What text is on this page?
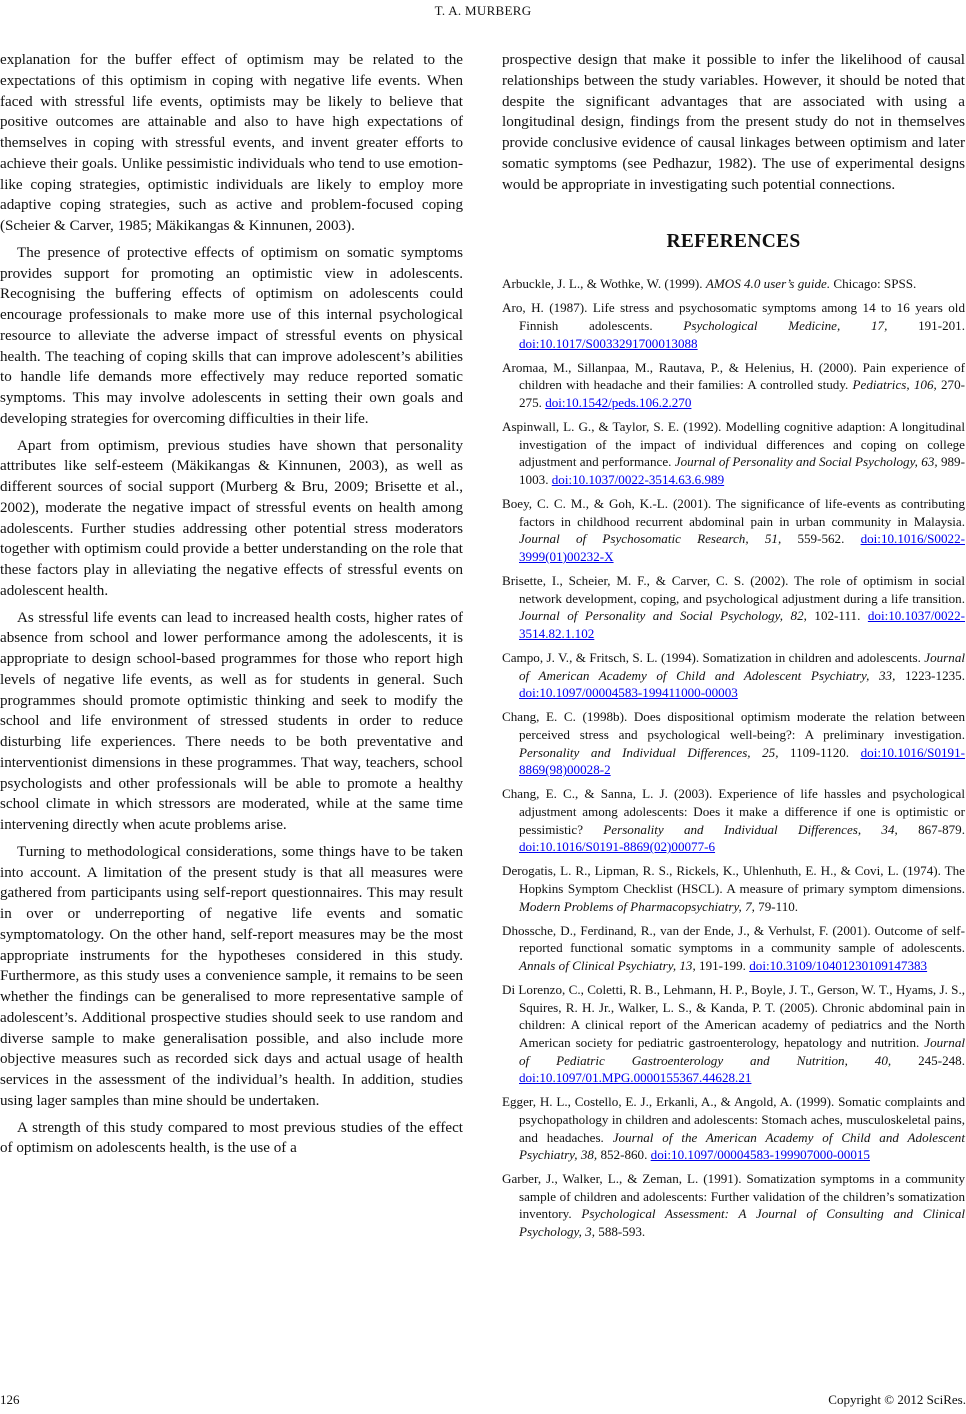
T. A. MURBERG

explanation for the buffer effect of optimism may be related to the expectations of this optimism in coping with negative life events. When faced with stressful life events, optimists may be likely to believe that positive outcomes are attainable and also to have high expectations of themselves in coping with stressful events, and invent greater efforts to achieve their goals. Unlike pessimistic individuals who tend to use emotion-like coping strategies, optimistic individuals are likely to employ more adaptive coping strategies, such as active and problem-focused coping (Scheier & Carver, 1985; Mäkikangas & Kinnunen, 2003).

The presence of protective effects of optimism on somatic symptoms provides support for promoting an optimistic view in adolescents. Recognising the buffering effects of optimism on adolescents could encourage professionals to make more use of this internal psychological resource to alleviate the adverse impact of stressful events on physical health. The teaching of coping skills that can improve adolescent’s abilities to handle life demands more effectively may reduce reported somatic symptoms. This may involve adolescents in setting their own goals and developing strategies for overcoming difficulties in their life.

Apart from optimism, previous studies have shown that personality attributes like self-esteem (Mäkikangas & Kinnunen, 2003), as well as different sources of social support (Murberg & Bru, 2009; Brisette et al., 2002), moderate the negative impact of stressful events on health among adolescents. Further studies addressing other potential stress moderators together with optimism could provide a better understanding on the role that these factors play in alleviating the negative effects of stressful events on adolescent health.

As stressful life events can lead to increased health costs, higher rates of absence from school and lower performance among the adolescents, it is appropriate to design school-based programmes for those who report high levels of negative life events, as well as for students in general. Such programmes should promote optimistic thinking and seek to modify the school and life environment of stressed students in order to reduce disturbing life experiences. There needs to be both preventative and interventionist dimensions in these programmes. That way, teachers, school psychologists and other professionals will be able to promote a healthy school climate in which stressors are moderated, while at the same time intervening directly when acute problems arise.

Turning to methodological considerations, some things have to be taken into account. A limitation of the present study is that all measures were gathered from participants using self-report questionnaires. This may result in over or underreporting of negative life events and somatic symptomatology. On the other hand, self-report measures may be the most appropriate instruments for the hypotheses considered in this study. Furthermore, as this study uses a convenience sample, it remains to be seen whether the findings can be generalised to more representative sample of adolescent’s. Additional prospective studies should seek to use random and diverse sample to make generalisation possible, and also include more objective measures such as recorded sick days and actual usage of health services in the assessment of the individual’s health. In addition, studies using lager samples than mine should be undertaken.

A strength of this study compared to most previous studies of the effect of optimism on adolescents health, is the use of a

prospective design that make it possible to infer the likelihood of causal relationships between the study variables. However, it should be noted that despite the significant advantages that are associated with using a longitudinal design, findings from the present study do not in themselves provide conclusive evidence of causal linkages between optimism and later somatic symptoms (see Pedhazur, 1982). The use of experimental designs would be appropriate in investigating such potential connections.

REFERENCES
Arbuckle, J. L., & Wothke, W. (1999). AMOS 4.0 user’s guide. Chicago: SPSS.
Aro, H. (1987). Life stress and psychosomatic symptoms among 14 to 16 years old Finnish adolescents. Psychological Medicine, 17, 191-201. doi:10.1017/S0033291700013088
Aromaa, M., Sillanpaa, M., Rautava, P., & Helenius, H. (2000). Pain experience of children with headache and their families: A controlled study. Pediatrics, 106, 270-275. doi:10.1542/peds.106.2.270
Aspinwall, L. G., & Taylor, S. E. (1992). Modelling cognitive adaption: A longitudinal investigation of the impact of individual differences and coping on college adjustment and performance. Journal of Personality and Social Psychology, 63, 989-1003. doi:10.1037/0022-3514.63.6.989
Boey, C. C. M., & Goh, K.-L. (2001). The significance of life-events as contributing factors in childhood recurrent abdominal pain in urban community in Malaysia. Journal of Psychosomatic Research, 51, 559-562. doi:10.1016/S0022-3999(01)00232-X
Brisette, I., Scheier, M. F., & Carver, C. S. (2002). The role of optimism in social network development, coping, and psychological adjustment during a life transition. Journal of Personality and Social Psychology, 82, 102-111. doi:10.1037/0022-3514.82.1.102
Campo, J. V., & Fritsch, S. L. (1994). Somatization in children and adolescents. Journal of American Academy of Child and Adolescent Psychiatry, 33, 1223-1235. doi:10.1097/00004583-199411000-00003
Chang, E. C. (1998b). Does dispositional optimism moderate the relation between perceived stress and psychological well-being?: A preliminary investigation. Personality and Individual Differences, 25, 1109-1120. doi:10.1016/S0191-8869(98)00028-2
Chang, E. C., & Sanna, L. J. (2003). Experience of life hassles and psychological adjustment among adolescents: Does it make a difference if one is optimistic or pessimistic? Personality and Individual Differences, 34, 867-879. doi:10.1016/S0191-8869(02)00077-6
Derogatis, L. R., Lipman, R. S., Rickels, K., Uhlenhuth, E. H., & Covi, L. (1974). The Hopkins Symptom Checklist (HSCL). A measure of primary symptom dimensions. Modern Problems of Pharmacopsychiatry, 7, 79-110.
Dhossche, D., Ferdinand, R., van der Ende, J., & Verhulst, F. (2001). Outcome of self-reported functional somatic symptoms in a community sample of adolescents. Annals of Clinical Psychiatry, 13, 191-199. doi:10.3109/10401230109147383
Di Lorenzo, C., Coletti, R. B., Lehmann, H. P., Boyle, J. T., Gerson, W. T., Hyams, J. S., Squires, R. H. Jr., Walker, L. S., & Kanda, P. T. (2005). Chronic abdominal pain in children: A clinical report of the American academy of pediatrics and the North American society for pediatric gastroenterology, hepatology and nutrition. Journal of Pediatric Gastroenterology and Nutrition, 40, 245-248. doi:10.1097/01.MPG.0000155367.44628.21
Egger, H. L., Costello, E. J., Erkanli, A., & Angold, A. (1999). Somatic complaints and psychopathology in children and adolescents: Stomach aches, musculoskeletal pains, and headaches. Journal of the American Academy of Child and Adolescent Psychiatry, 38, 852-860. doi:10.1097/00004583-199907000-00015
Garber, J., Walker, L., & Zeman, L. (1991). Somatization symptoms in a community sample of children and adolescents: Further validation of the children’s somatization inventory. Psychological Assessment: A Journal of Consulting and Clinical Psychology, 3, 588-593.
126	Copyright © 2012 SciRes.
